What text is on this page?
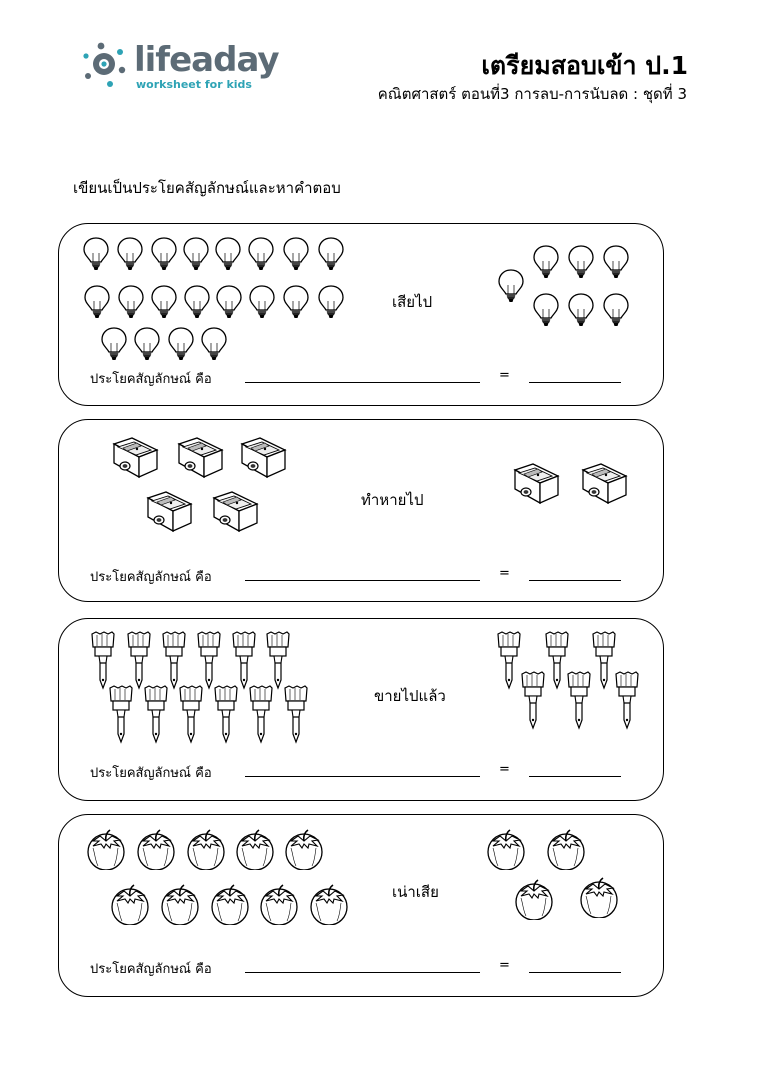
lifeaday
worksheet for kids
เตรียมสอบเข้า ป.1
คณิตศาสตร์ ตอนที่3 การลบ-การนับลด : ชุดที่ 3
เขียนเป็นประโยคสัญลักษณ์และหาคำตอบ
เสียไป
ประโยคสัญลักษณ์ คือ	=
ทำหายไป
ประโยคสัญลักษณ์ คือ	=
ขายไปแล้ว
ประโยคสัญลักษณ์ คือ	=
เน่าเสีย
ประโยคสัญลักษณ์ คือ	=
